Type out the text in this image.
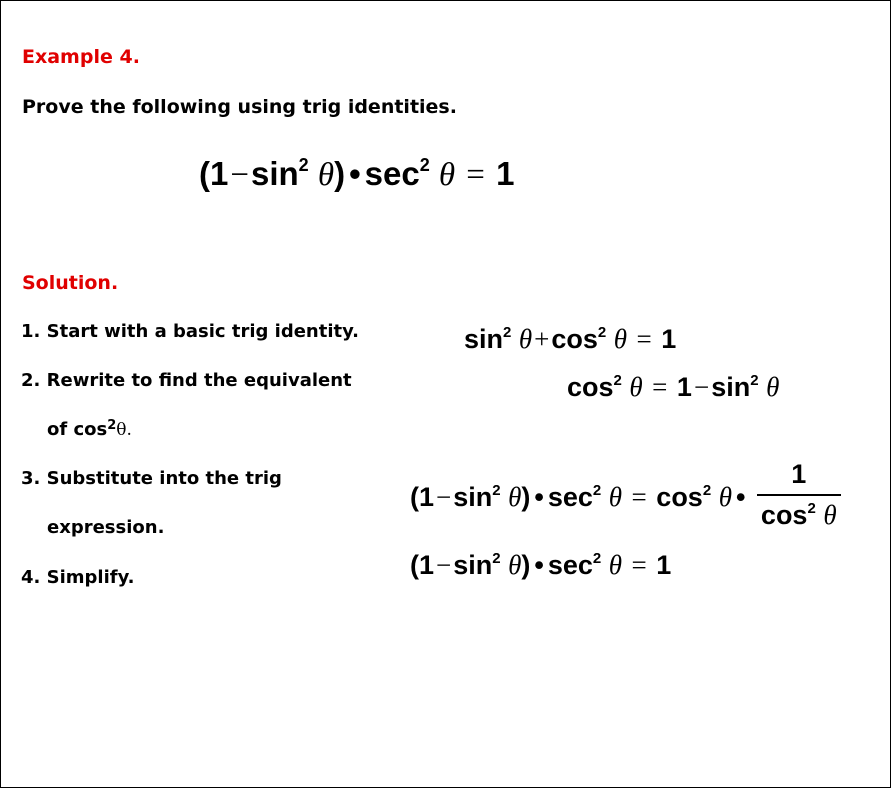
Example 4.
Prove the following using trig identities.
($1-\sin^2$ θ) • $\sec^2 \theta = 1$
Solution.
1. Start with a basic trig identity.
2. Rewrite to find the equivalent
of $\cos^2\theta$.
3. Substitute into the trig
expression.
4. Simplify.
$\sin^2 \theta+\cos^2$ θ = 1
$\cos^2 \theta = 1-\sin^2$ θ
($1-\sin^2$ θ) • $\sec^2 \theta = \cos^2 \theta$ • $\frac{1}{\cos^2 \theta}$
($1-\sin^2$ θ) • $\sec^2 \theta = 1$
